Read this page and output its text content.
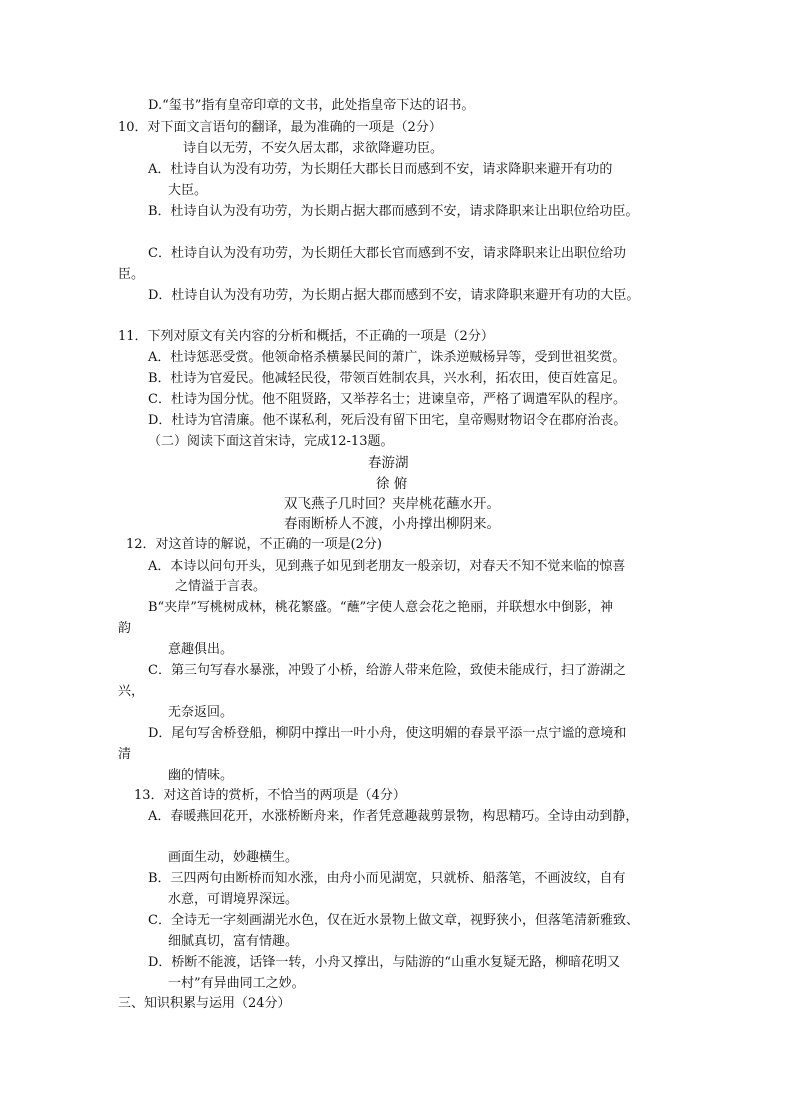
D.“玺书”指有皇帝印章的文书，此处指皇帝下达的诏书。
10．对下面文言语句的翻译，最为准确的一项是（2分）
诗自以无劳，不安久居太郡，求欲降避功臣。
A．杜诗自认为没有功劳，为长期任大郡长日而感到不安，请求降职来避开有功的
大臣。
B．杜诗自认为没有功劳，为长期占据大郡而感到不安，请求降职来让出职位给功臣。
C．杜诗自认为没有功劳，为长期任大郡长官而感到不安，请求降职来让出职位给功
臣。
D．杜诗自认为没有功劳，为长期占据大郡而感到不安，请求降职来避开有功的大臣。
11．下列对原文有关内容的分析和概括，不正确的一项是（2分）
A．杜诗惩恶受赏。他领命格杀横暴民间的萧广，诛杀逆贼杨异等，受到世祖奖赏。
B．杜诗为官爱民。他减轻民役，带领百姓制农具，兴水利，拓农田，使百姓富足。
C．杜诗为国分忧。他不阻贤路，又举荐名士；进谏皇帝，严格了调遣军队的程序。
D．杜诗为官清廉。他不谋私利，死后没有留下田宅，皇帝赐财物诏令在郡府治丧。
（二）阅读下面这首宋诗，完成12-13题。
春游湖
徐 俯
双飞燕子几时回？夹岸桃花蘸水开。
春雨断桥人不渡，小舟撑出柳阴来。
12．对这首诗的解说，不正确的一项是(2分)
A．本诗以问句开头，见到燕子如见到老朋友一般亲切，对春天不知不觉来临的惊喜
之情溢于言表。
B“夹岸”写桃树成林，桃花繁盛。“蘸”字使人意会花之艳丽，并联想水中倒影，神
韵
意趣俱出。
C．第三句写春水暴涨，冲毁了小桥，给游人带来危险，致使未能成行，扫了游湖之
兴，
无奈返回。
D．尾句写舍桥登船，柳阴中撑出一叶小舟，使这明媚的春景平添一点宁谧的意境和
清
幽的情味。
13．对这首诗的赏析，不恰当的两项是（4分）
A．春暖燕回花开，水涨桥断舟来，作者凭意趣裁剪景物，构思精巧。全诗由动到静，
画面生动，妙趣横生。
B．三四两句由断桥而知水涨，由舟小而见湖宽，只就桥、船落笔，不画波纹，自有
水意，可谓境界深远。
C．全诗无一字刻画湖光水色，仅在近水景物上做文章，视野狭小，但落笔清新雅致、
细腻真切，富有情趣。
D．桥断不能渡，话锋一转，小舟又撑出，与陆游的“山重水复疑无路，柳暗花明又
一村”有异曲同工之妙。
三、知识积累与运用（24分）
